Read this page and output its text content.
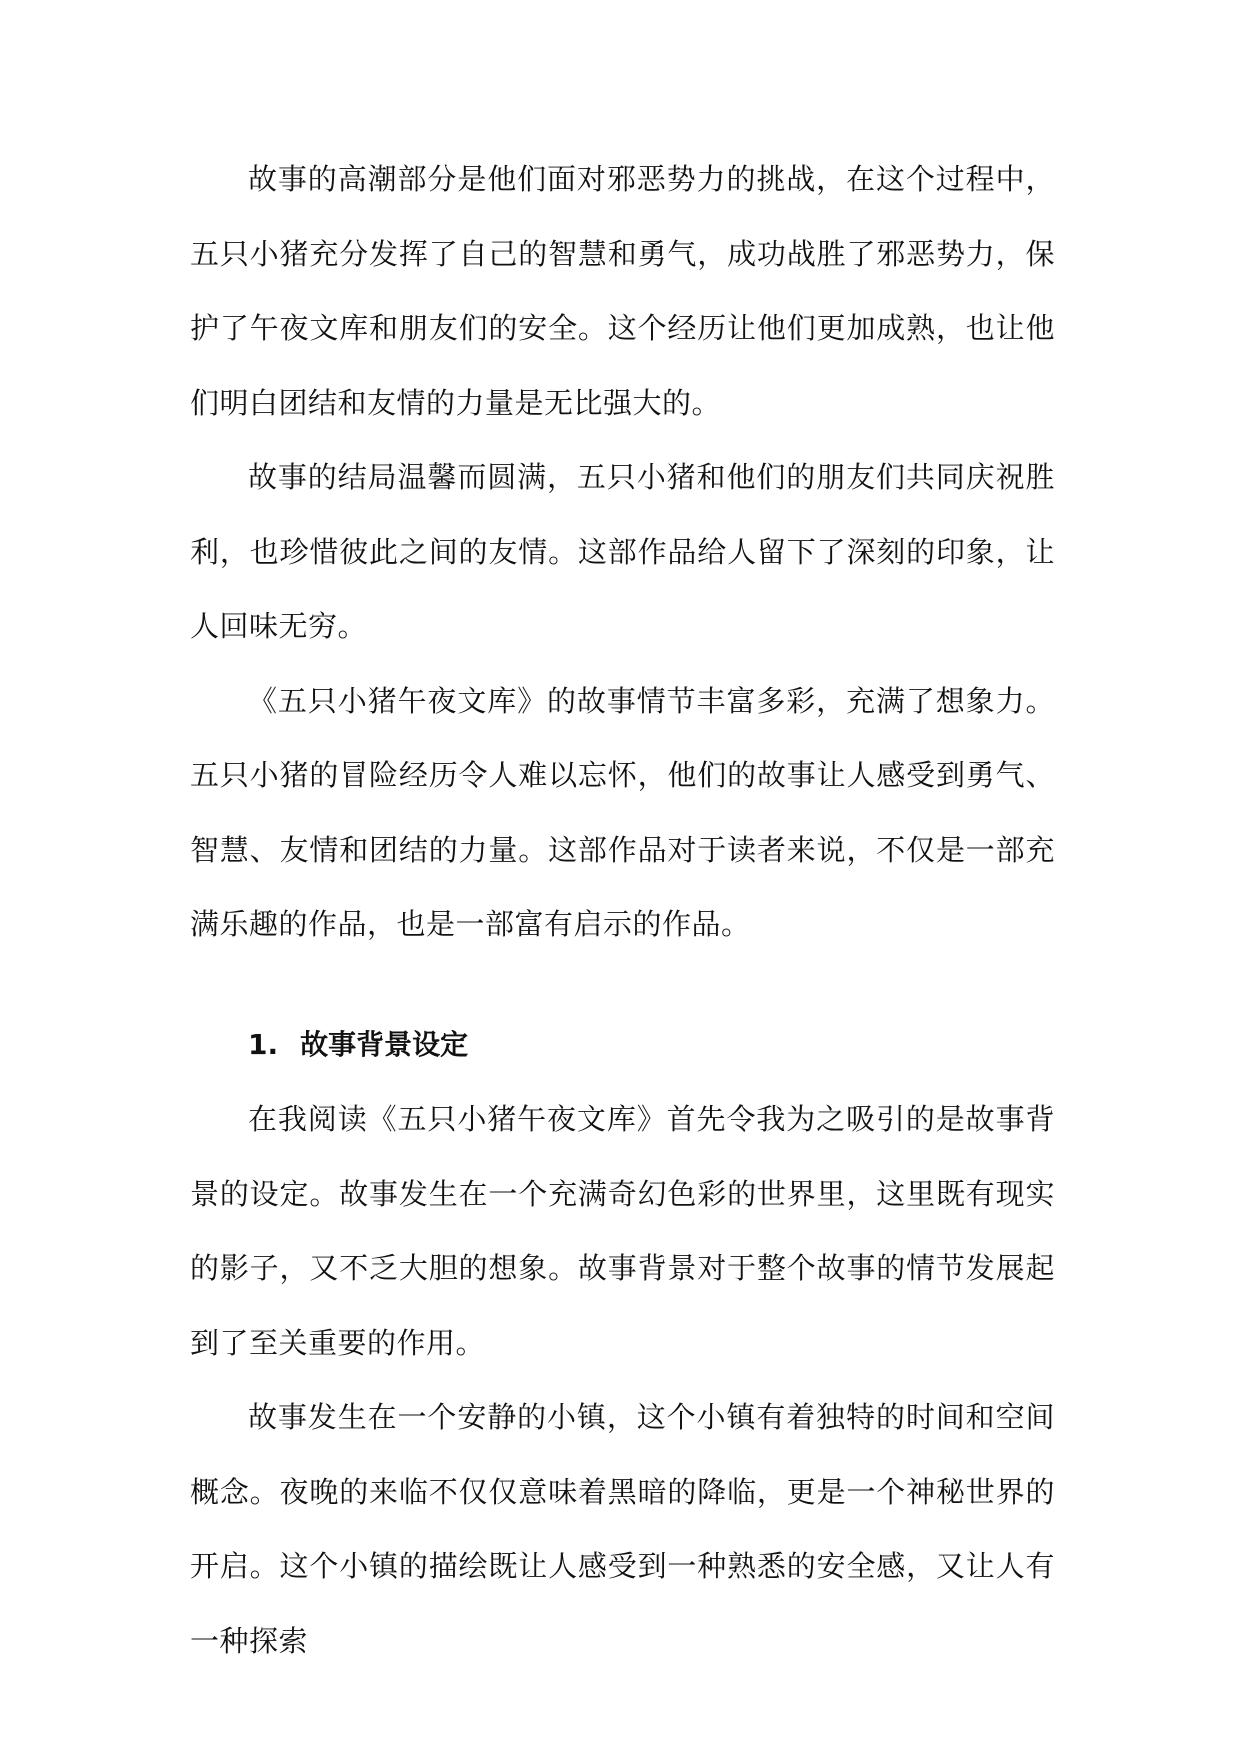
故事的高潮部分是他们面对邪恶势力的挑战，在这个过程中，五只小猪充分发挥了自己的智慧和勇气，成功战胜了邪恶势力，保护了午夜文库和朋友们的安全。这个经历让他们更加成熟，也让他们明白团结和友情的力量是无比强大的。

故事的结局温馨而圆满，五只小猪和他们的朋友们共同庆祝胜利，也珍惜彼此之间的友情。这部作品给人留下了深刻的印象，让人回味无穷。

《五只小猪午夜文库》的故事情节丰富多彩，充满了想象力。五只小猪的冒险经历令人难以忘怀，他们的故事让人感受到勇气、智慧、友情和团结的力量。这部作品对于读者来说，不仅是一部充满乐趣的作品，也是一部富有启示的作品。

1. 故事背景设定

在我阅读《五只小猪午夜文库》首先令我为之吸引的是故事背景的设定。故事发生在一个充满奇幻色彩的世界里，这里既有现实的影子，又不乏大胆的想象。故事背景对于整个故事的情节发展起到了至关重要的作用。

故事发生在一个安静的小镇，这个小镇有着独特的时间和空间概念。夜晚的来临不仅仅意味着黑暗的降临，更是一个神秘世界的开启。这个小镇的描绘既让人感受到一种熟悉的安全感，又让人有一种探索
